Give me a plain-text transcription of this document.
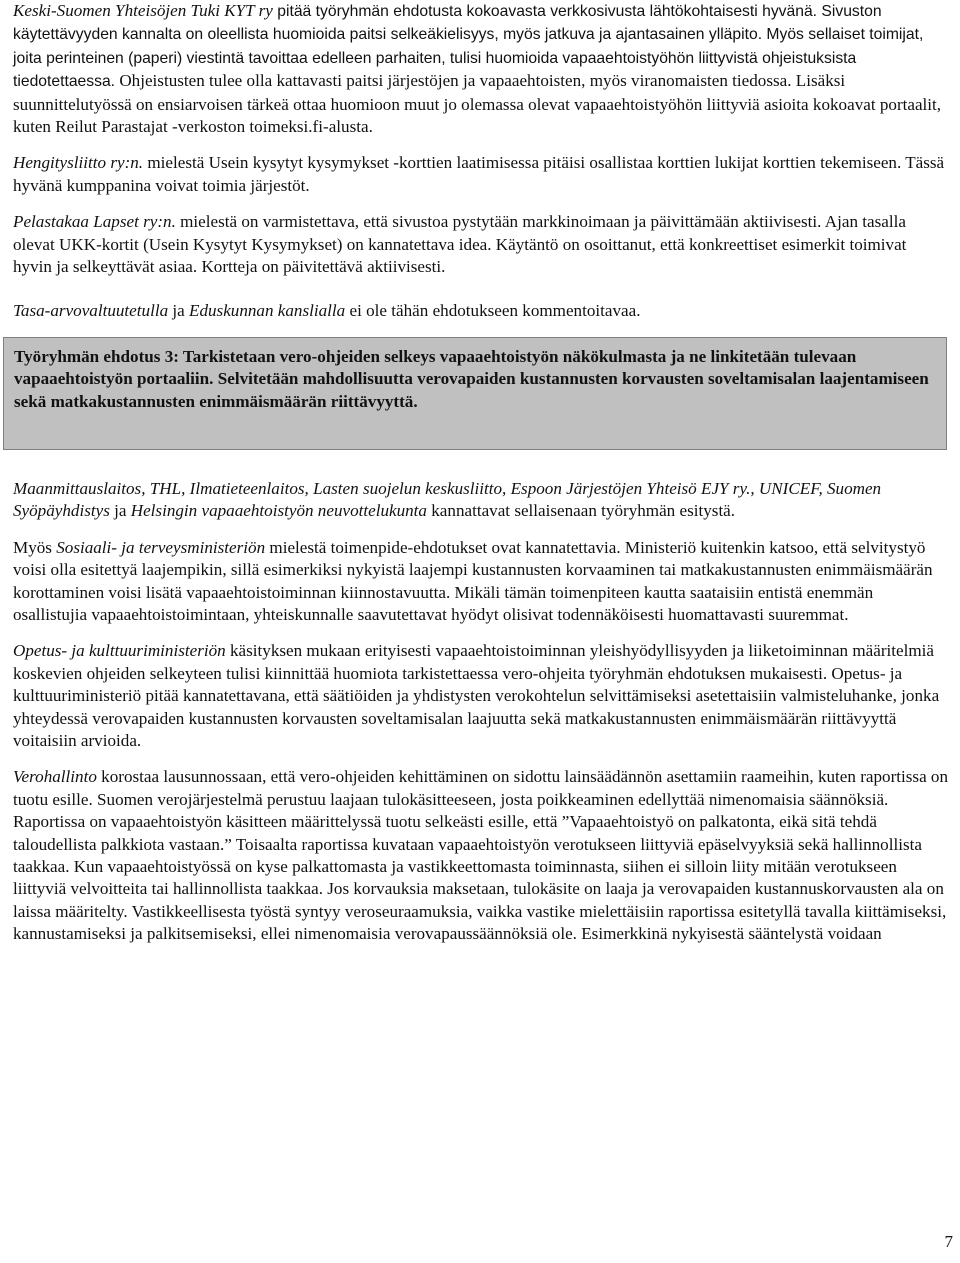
Keski-Suomen Yhteisöjen Tuki KYT ry pitää työryhmän ehdotusta kokoavasta verkkosivusta lähtökohtaisesti hyvänä. Sivuston käytettävyyden kannalta on oleellista huomioida paitsi selkeäkielisyys, myös jatkuva ja ajantasainen ylläpito. Myös sellaiset toimijat, joita perinteinen (paperi) viestintä tavoittaa edelleen parhaiten, tulisi huomioida vapaaehtoistyöhön liittyvistä ohjeistuksista tiedotettaessa. Ohjeistusten tulee olla kattavasti paitsi järjestöjen ja vapaaehtoisten, myös viranomaisten tiedossa. Lisäksi suunnittelutyössä on ensiarvoisen tärkeä ottaa huomioon muut jo olemassa olevat vapaaehtoistyöhön liittyviä asioita kokoavat portaalit, kuten Reilut Parastajat -verkoston toimeksi.fi-alusta.

Hengitysliitto ry:n. mielestä Usein kysytyt kysymykset -korttien laatimisessa pitäisi osallistaa korttien lukijat korttien tekemiseen. Tässä hyvänä kumppanina voivat toimia järjestöt.

Pelastakaa Lapset ry:n. mielestä on varmistettava, että sivustoa pystytään markkinoimaan ja päivittämään aktiivisesti. Ajan tasalla olevat UKK-kortit (Usein Kysytyt Kysymykset) on kannatettava idea. Käytäntö on osoittanut, että konkreettiset esimerkit toimivat hyvin ja selkeyttävät asiaa. Kortteja on päivitettävä aktiivisesti.

Tasa-arvovaltuutetulla ja Eduskunnan kanslialla ei ole tähän ehdotukseen kommentoitavaa.

Työryhmän ehdotus 3: Tarkistetaan vero-ohjeiden selkeys vapaaehtoistyön näkökulmasta ja ne linkitetään tulevaan vapaaehtoistyön portaaliin. Selvitetään mahdollisuutta verovapaiden kustannusten korvausten soveltamisalan laajentamiseen sekä matkakustannusten enimmäismäärän riittävyyttä.

Maanmittauslaitos, THL, Ilmatieteenlaitos, Lasten suojelun keskusliitto, Espoon Järjestöjen Yhteisö EJY ry., UNICEF, Suomen Syöpäyhdistys ja Helsingin vapaaehtoistyön neuvottelukunta kannattavat sellaisenaan työryhmän esitystä.

Myös Sosiaali- ja terveysministeriön mielestä toimenpide-ehdotukset ovat kannatettavia. Ministeriö kuitenkin katsoo, että selvitystyö voisi olla esitettyä laajempikin, sillä esimerkiksi nykyistä laajempi kustannusten korvaaminen tai matkakustannusten enimmäismäärän korottaminen voisi lisätä vapaaehtoistoiminnan kiinnostavuutta. Mikäli tämän toimenpiteen kautta saataisiin entistä enemmän osallistujia vapaaehtoistoimintaan, yhteiskunnalle saavutettavat hyödyt olisivat todennäköisesti huomattavasti suuremmat.

Opetus- ja kulttuuriministeriön käsityksen mukaan erityisesti vapaaehtoistoiminnan yleishyödyllisyyden ja liiketoiminnan määritelmiä koskevien ohjeiden selkeyteen tulisi kiinnittää huomiota tarkistettaessa vero-ohjeita työryhmän ehdotuksen mukaisesti. Opetus- ja kulttuuriministeriö pitää kannatettavana, että säätiöiden ja yhdistysten verokohtelun selvittämiseksi asetettaisiin valmisteluhanke, jonka yhteydessä verovapaiden kustannusten korvausten soveltamisalan laajuutta sekä matkakustannusten enimmäismäärän riittävyyttä voitaisiin arvioida.

Verohallinto korostaa lausunnossaan, että vero-ohjeiden kehittäminen on sidottu lainsäädännön asettamiin raameihin, kuten raportissa on tuotu esille. Suomen verojärjestelmä perustuu laajaan tulokäsitteeseen, josta poikkeaminen edellyttää nimenomaisia säännöksiä. Raportissa on vapaaehtoistyön käsitteen määrittelyssä tuotu selkeästi esille, että ”Vapaaehtoistyö on palkatonta, eikä sitä tehdä taloudellista palkkiota vastaan.” Toisaalta raportissa kuvataan vapaaehtoistyön verotukseen liittyviä epäselvyyksiä sekä hallinnollista taakkaa. Kun vapaaehtoistyössä on kyse palkattomasta ja vastikkeettomasta toiminnasta, siihen ei silloin liity mitään verotukseen liittyviä velvoitteita tai hallinnollista taakkaa. Jos korvauksia maksetaan, tulokäsite on laaja ja verovapaiden kustannuskorvausten ala on laissa määritelty. Vastikkeellisesta työstä syntyy veroseuraamuksia, vaikka vastike mielettäisiin raportissa esitetyllä tavalla kiittämiseksi, kannustamiseksi ja palkitsemiseksi, ellei nimenomaisia verovapaussäännöksiä ole. Esimerkkinä nykyisestä sääntelystä voidaan

7
